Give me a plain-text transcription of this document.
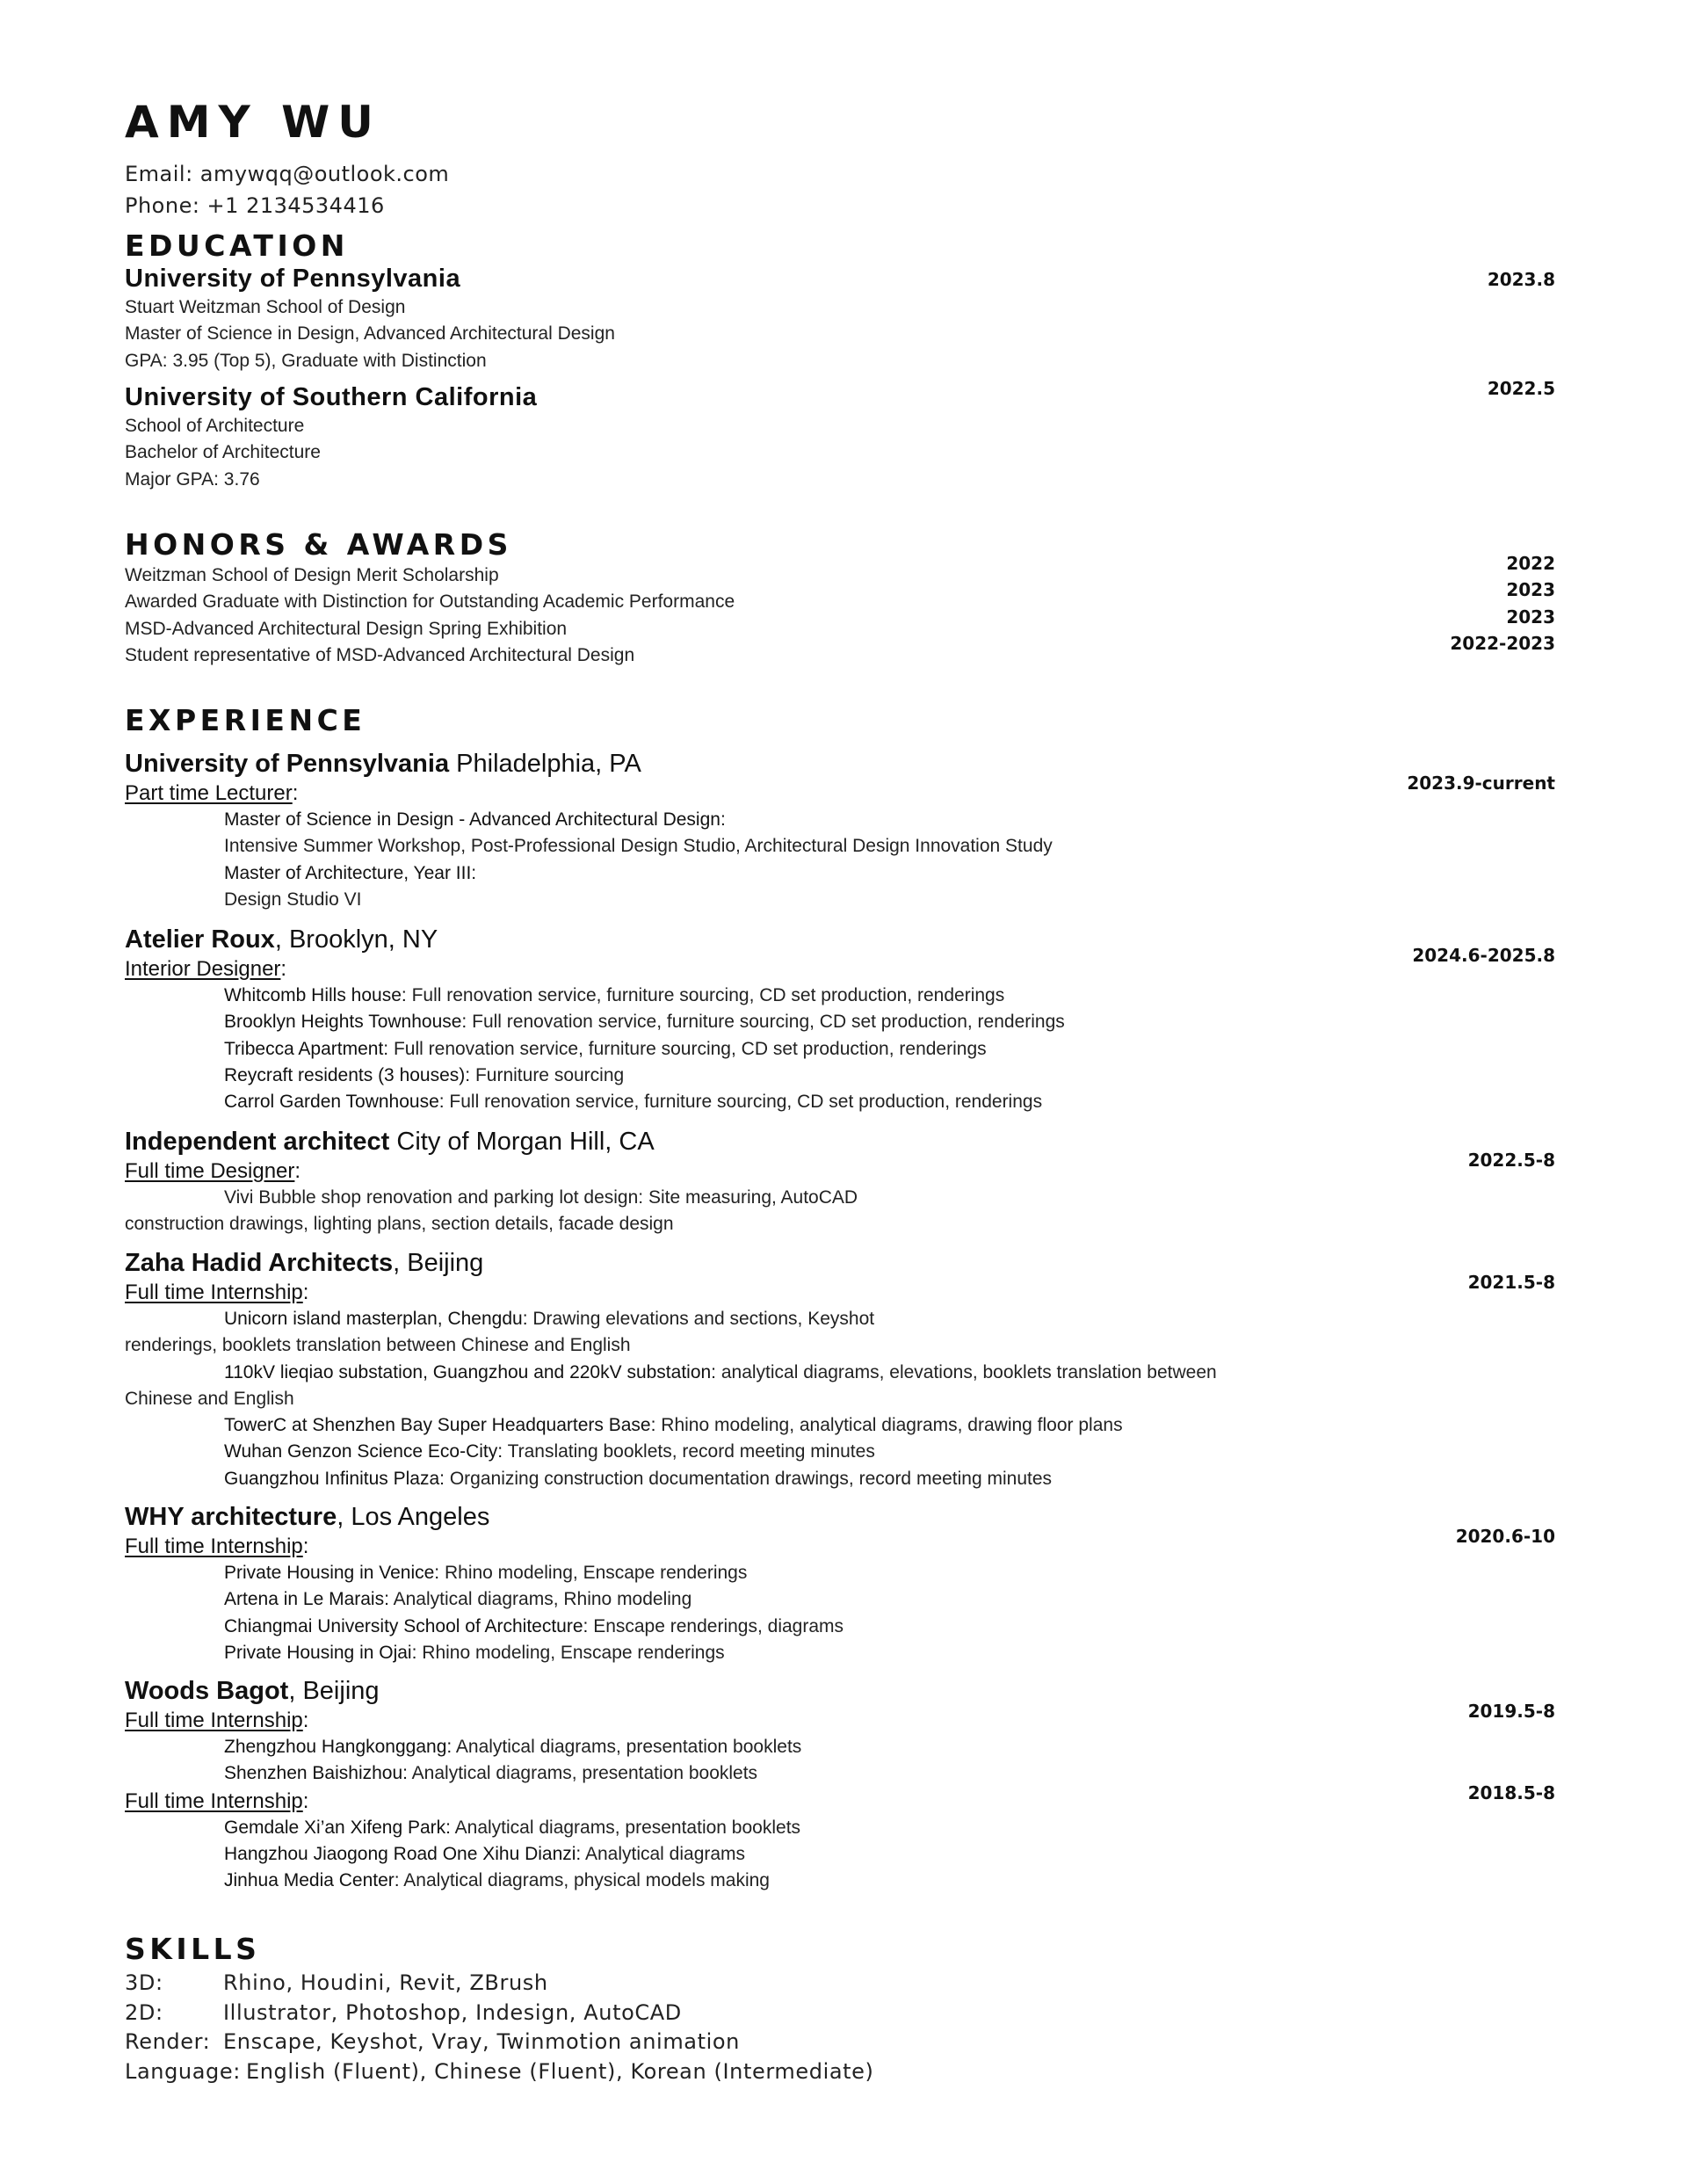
AMY WU
Email: amywqq@outlook.com
Phone: +1 2134534416
EDUCATION
University of Pennsylvania
Stuart Weitzman School of Design
Master of Science in Design, Advanced Architectural Design
GPA: 3.95 (Top 5), Graduate with Distinction
2023.8
University of Southern California
School of Architecture
Bachelor of Architecture
Major GPA: 3.76
2022.5
HONORS & AWARDS
Weitzman School of Design Merit Scholarship
Awarded Graduate with Distinction for Outstanding Academic Performance
MSD-Advanced Architectural Design Spring Exhibition
Student representative of MSD-Advanced Architectural Design
2022
2023
2023
2022-2023
EXPERIENCE
University of Pennsylvania Philadelphia, PA
Part time Lecturer:
Master of Science in Design - Advanced Architectural Design:
Intensive Summer Workshop, Post-Professional Design Studio, Architectural Design Innovation Study
Master of Architecture, Year III:
Design Studio VI
2023.9-current
Atelier Roux, Brooklyn, NY
Interior Designer:
Whitcomb Hills house: Full renovation service, furniture sourcing, CD set production, renderings
Brooklyn Heights Townhouse: Full renovation service, furniture sourcing, CD set production, renderings
Tribecca Apartment: Full renovation service, furniture sourcing, CD set production, renderings
Reycraft residents (3 houses): Furniture sourcing
Carrol Garden Townhouse: Full renovation service, furniture sourcing, CD set production, renderings
2024.6-2025.8
Independent architect City of Morgan Hill, CA
Full time Designer:
Vivi Bubble shop renovation and parking lot design: Site measuring, AutoCAD
construction drawings, lighting plans, section details, facade design
2022.5-8
Zaha Hadid Architects, Beijing
Full time Internship:
Unicorn island masterplan, Chengdu: Drawing elevations and sections, Keyshot
renderings, booklets translation between Chinese and English
110kV lieqiao substation, Guangzhou and 220kV substation: analytical diagrams, elevations, booklets translation between
Chinese and English
TowerC at Shenzhen Bay Super Headquarters Base: Rhino modeling, analytical diagrams, drawing floor plans
Wuhan Genzon Science Eco-City: Translating booklets, record meeting minutes
Guangzhou Infinitus Plaza: Organizing construction documentation drawings, record meeting minutes
2021.5-8
WHY architecture, Los Angeles
Full time Internship:
Private Housing in Venice: Rhino modeling, Enscape renderings
Artena in Le Marais: Analytical diagrams, Rhino modeling
Chiangmai University School of Architecture: Enscape renderings, diagrams
Private Housing in Ojai: Rhino modeling, Enscape renderings
2020.6-10
Woods Bagot, Beijing
Full time Internship:
Zhengzhou Hangkonggang: Analytical diagrams, presentation booklets
Shenzhen Baishizhou: Analytical diagrams, presentation booklets
Full time Internship:
Gemdale Xi’an Xifeng Park: Analytical diagrams, presentation booklets
Hangzhou Jiaogong Road One Xihu Dianzi: Analytical diagrams
Jinhua Media Center: Analytical diagrams, physical models making
2019.5-8
2018.5-8
SKILLS
3D:	Rhino, Houdini, Revit, ZBrush
2D:	Illustrator, Photoshop, Indesign, AutoCAD
Render: Enscape, Keyshot, Vray, Twinmotion animation
Language: English (Fluent), Chinese (Fluent), Korean (Intermediate)
